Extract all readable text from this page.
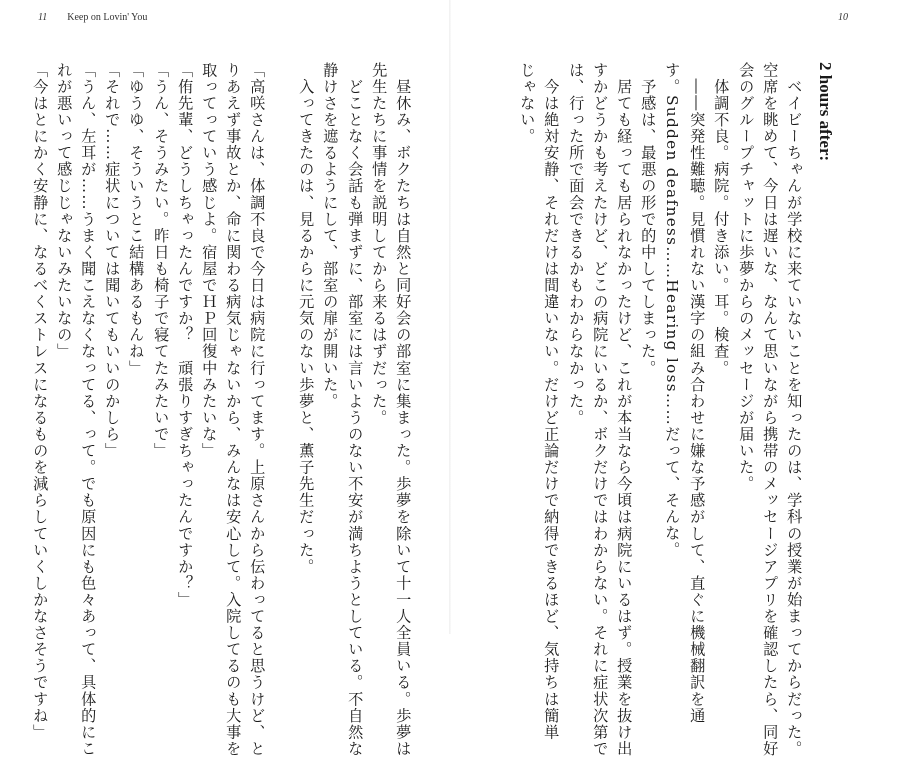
11 Keep on Lovin' You	10
2 hours after:
　ベイビーちゃんが学校に来ていないことを知ったのは、学科の授業が始まってからだった。
空席を眺めて、今日は遅いな、なんて思いながら携帯のメッセージアプリを確認したら、同好
会のグループチャットに歩夢からのメッセージが届いた。
　体調不良。病院。付き添い。耳。検査。
　――突発性難聴。見慣れない漢字の組み合わせに嫌な予感がして、直ぐに機械翻訳を通
す。Sudden deafness……Hearing loss……だって、そんな。
　予感は、最悪の形で的中してしまった。
　居ても経っても居られなかったけど、これが本当なら今頃は病院にいるはず。授業を抜け出
すかどうかも考えたけど、どこの病院にいるか、ボクだけではわからない。それに症状次第で
は、行った所で面会できるかもわからなかった。
　今は絶対安静、それだけは間違いない。だけど正論だけで納得できるほど、気持ちは簡単
じゃない。
　昼休み、ボクたちは自然と同好会の部室に集まった。歩夢を除いて十一人全員いる。歩夢は
先生たちに事情を説明してから来るはずだった。
　どことなく会話も弾まずに、部室には言いようのない不安が満ちようとしている。不自然な
静けさを遮るようにして、部室の扉が開いた。
　入ってきたのは、見るからに元気のない歩夢と、薫子先生だった。
「高咲さんは、体調不良で今日は病院に行ってます。上原さんから伝わってると思うけど、と
りあえず事故とか、命に関わる病気じゃないから、みんなは安心して。入院してるのも大事を
取ってっていう感じよ。宿屋でＨＰ回復中みたいな」
「侑先輩、どうしちゃったんですか？　頑張りすぎちゃったんですか？」
「うん、そうみたい。昨日も椅子で寝てたみたいで」
「ゆうゆ、そういうとこ結構あるもんね」
「それで……症状については聞いてもいいのかしら」
「うん、左耳が……うまく聞こえなくなってる、って。でも原因にも色々あって、具体的にこ
れが悪いって感じじゃないみたいなの」
「今はとにかく安静に、なるべくストレスになるものを減らしていくしかなさそうですね」
